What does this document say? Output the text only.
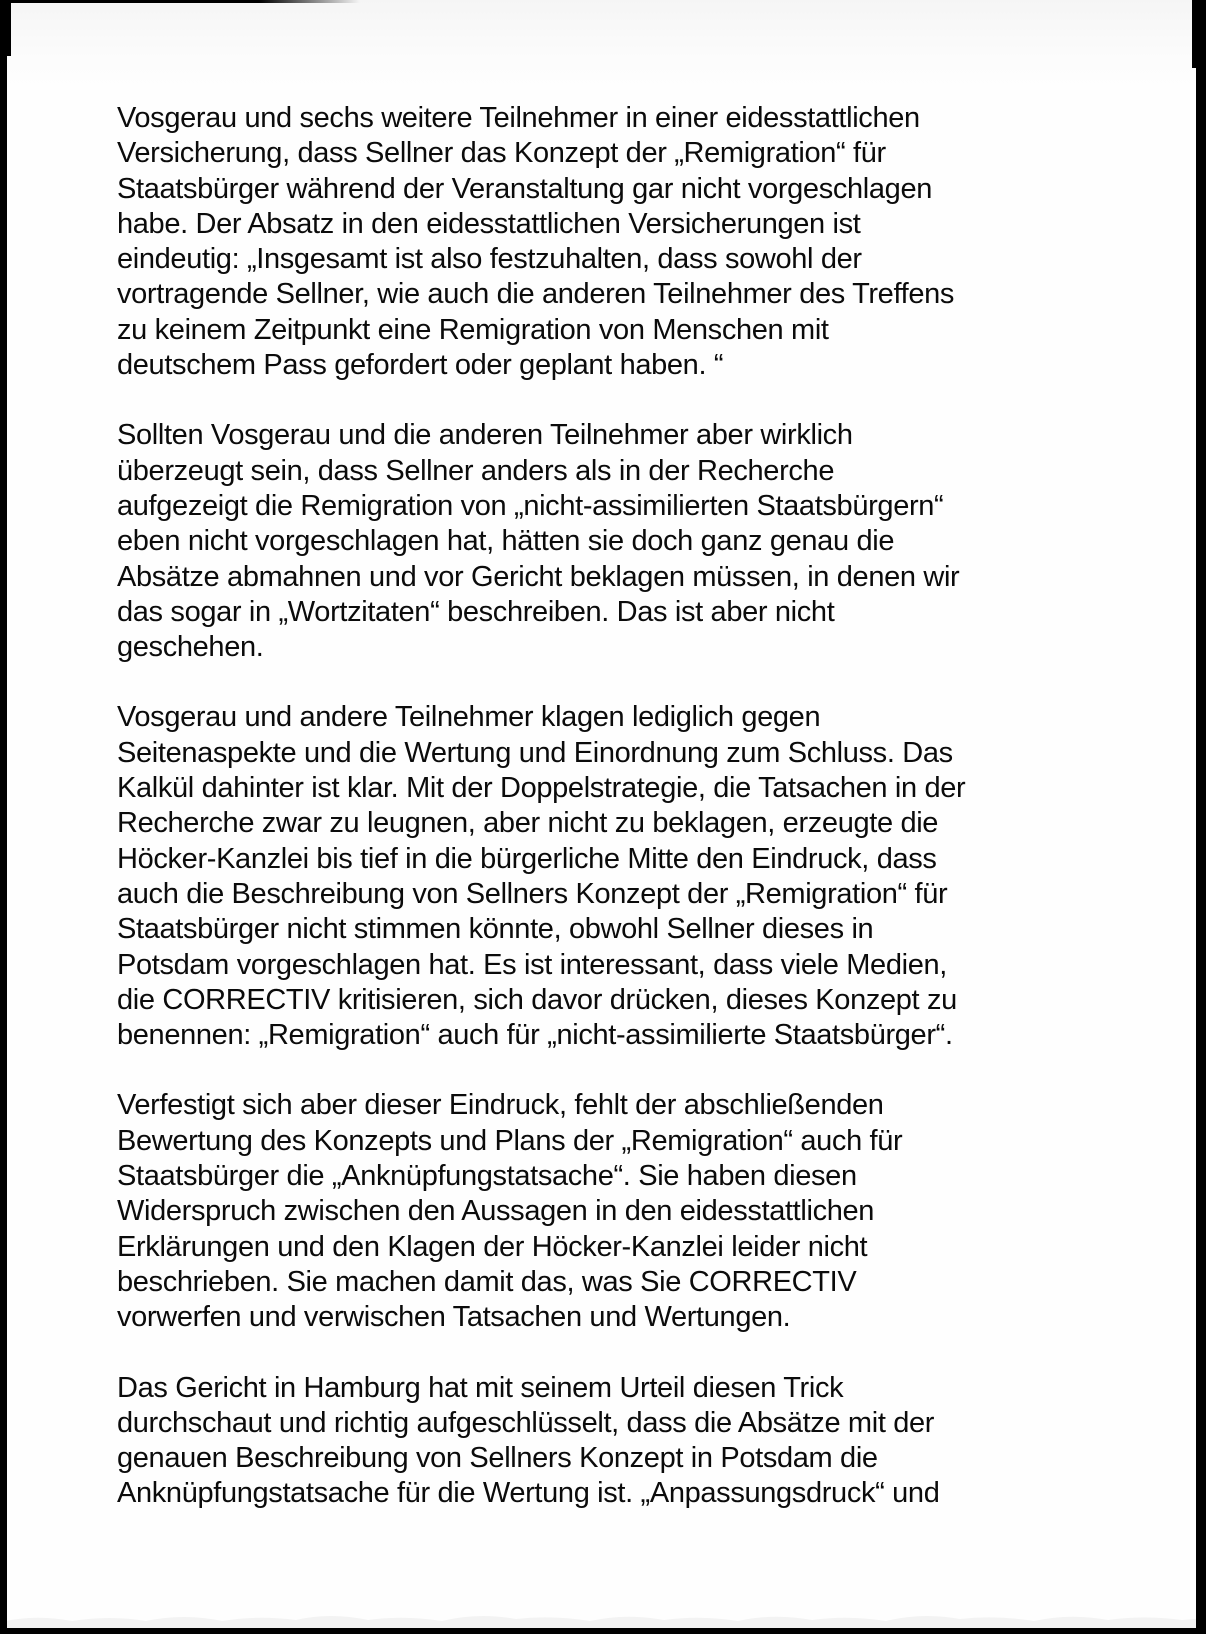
Vosgerau und sechs weitere Teilnehmer in einer eidesstattlichen
Versicherung, dass Sellner das Konzept der „Remigration“ für
Staatsbürger während der Veranstaltung gar nicht vorgeschlagen
habe. Der Absatz in den eidesstattlichen Versicherungen ist
eindeutig: „Insgesamt ist also festzuhalten, dass sowohl der
vortragende Sellner, wie auch die anderen Teilnehmer des Treffens
zu keinem Zeitpunkt eine Remigration von Menschen mit
deutschem Pass gefordert oder geplant haben. “

Sollten Vosgerau und die anderen Teilnehmer aber wirklich
überzeugt sein, dass Sellner anders als in der Recherche
aufgezeigt die Remigration von „nicht-assimilierten Staatsbürgern“
eben nicht vorgeschlagen hat, hätten sie doch ganz genau die
Absätze abmahnen und vor Gericht beklagen müssen, in denen wir
das sogar in „Wortzitaten“ beschreiben. Das ist aber nicht
geschehen.

Vosgerau und andere Teilnehmer klagen lediglich gegen
Seitenaspekte und die Wertung und Einordnung zum Schluss. Das
Kalkül dahinter ist klar. Mit der Doppelstrategie, die Tatsachen in der
Recherche zwar zu leugnen, aber nicht zu beklagen, erzeugte die
Höcker-Kanzlei bis tief in die bürgerliche Mitte den Eindruck, dass
auch die Beschreibung von Sellners Konzept der „Remigration“ für
Staatsbürger nicht stimmen könnte, obwohl Sellner dieses in
Potsdam vorgeschlagen hat. Es ist interessant, dass viele Medien,
die CORRECTIV kritisieren, sich davor drücken, dieses Konzept zu
benennen: „Remigration“ auch für „nicht-assimilierte Staatsbürger“.

Verfestigt sich aber dieser Eindruck, fehlt der abschließenden
Bewertung des Konzepts und Plans der „Remigration“ auch für
Staatsbürger die „Anknüpfungstatsache“. Sie haben diesen
Widerspruch zwischen den Aussagen in den eidesstattlichen
Erklärungen und den Klagen der Höcker-Kanzlei leider nicht
beschrieben. Sie machen damit das, was Sie CORRECTIV
vorwerfen und verwischen Tatsachen und Wertungen.

Das Gericht in Hamburg hat mit seinem Urteil diesen Trick
durchschaut und richtig aufgeschlüsselt, dass die Absätze mit der
genauen Beschreibung von Sellners Konzept in Potsdam die
Anknüpfungstatsache für die Wertung ist. „Anpassungsdruck“ und
